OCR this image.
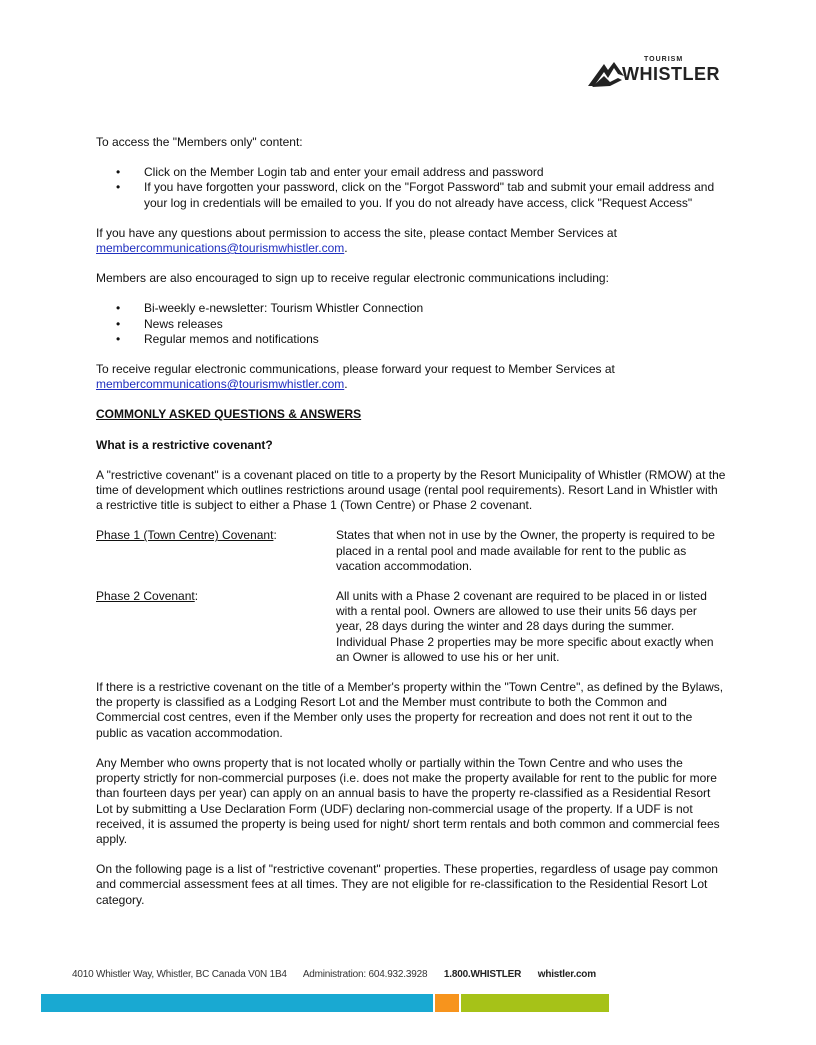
TOURISM
WHISTLER

To access the "Members only" content:

• Click on the Member Login tab and enter your email address and password
• If you have forgotten your password, click on the "Forgot Password" tab and submit your email address and your log in credentials will be emailed to you. If you do not already have access, click "Request Access"

If you have any questions about permission to access the site, please contact Member Services at membercommunications@tourismwhistler.com.

Members are also encouraged to sign up to receive regular electronic communications including:

• Bi-weekly e-newsletter: Tourism Whistler Connection
• News releases
• Regular memos and notifications

To receive regular electronic communications, please forward your request to Member Services at membercommunications@tourismwhistler.com.

COMMONLY ASKED QUESTIONS & ANSWERS
What is a restrictive covenant?

A "restrictive covenant" is a covenant placed on title to a property by the Resort Municipality of Whistler (RMOW) at the time of development which outlines restrictions around usage (rental pool requirements). Resort Land in Whistler with a restrictive title is subject to either a Phase 1 (Town Centre) or Phase 2 covenant.

Phase 1 (Town Centre) Covenant:	States that when not in use by the Owner, the property is required to be placed in a rental pool and made available for rent to the public as vacation accommodation.
Phase 2 Covenant:	All units with a Phase 2 covenant are required to be placed in or listed with a rental pool. Owners are allowed to use their units 56 days per year, 28 days during the winter and 28 days during the summer. Individual Phase 2 properties may be more specific about exactly when an Owner is allowed to use his or her unit.

If there is a restrictive covenant on the title of a Member's property within the "Town Centre", as defined by the Bylaws, the property is classified as a Lodging Resort Lot and the Member must contribute to both the Common and Commercial cost centres, even if the Member only uses the property for recreation and does not rent it out to the public as vacation accommodation.

Any Member who owns property that is not located wholly or partially within the Town Centre and who uses the property strictly for non-commercial purposes (i.e. does not make the property available for rent to the public for more than fourteen days per year) can apply on an annual basis to have the property re-classified as a Residential Resort Lot by submitting a Use Declaration Form (UDF) declaring non-commercial usage of the property. If a UDF is not received, it is assumed the property is being used for night/ short term rentals and both common and commercial fees apply.

On the following page is a list of "restrictive covenant" properties. These properties, regardless of usage pay common and commercial assessment fees at all times. They are not eligible for re-classification to the Residential Resort Lot category.

4010 Whistler Way, Whistler, BC Canada V0N 1B4 Administration: 604.932.3928 1.800.WHISTLER whistler.com
